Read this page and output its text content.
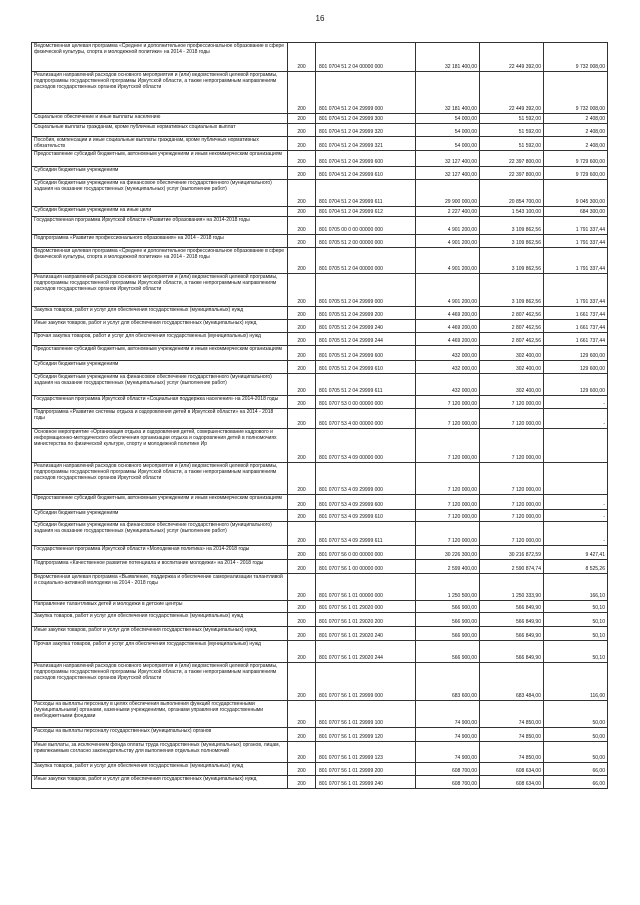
16
Ведомственная целевая программа «Среднее и дополнительное профессиональное образование в сфере физической культуры, спорта и молодежной политики» на 2014 - 2018 годы	200	801 0704 51 2 04 00000 000	32 181 400,00	22 449 392,00	9 732 008,00
Реализация направлений расходов основного мероприятия и (или) ведомственной целевой программы, подпрограммы государственной программы Иркутской области, а также непрограммным направлениям расходов государственных органов Иркутской области	200	801 0704 51 2 04 29999 000	32 181 400,00	22 449 392,00	9 732 008,00
Социальное обеспечение и иные выплаты населению	200	801 0704 51 2 04 29999 300	54 000,00	51 592,00	2 408,00
Социальные выплаты гражданам, кроме публичных нормативных социальных выплат	200	801 0704 51 2 04 29999 320	54 000,00	51 592,00	2 408,00
Пособия, компенсации и иные социальные выплаты гражданам, кроме публичных нормативных обязательств	200	801 0704 51 2 04 29999 321	54 000,00	51 592,00	2 408,00
Предоставление субсидий бюджетным, автономным учреждениям и иным некоммерческим организациям	200	801 0704 51 2 04 29999 600	32 127 400,00	22 397 800,00	9 729 600,00
Субсидии бюджетным учреждениям	200	801 0704 51 2 04 29999 610	32 127 400,00	22 397 800,00	9 729 600,00
Субсидии бюджетным учреждениям на финансовое обеспечение государственного (муниципального) задания на оказание государственных (муниципальных) услуг (выполнение работ)	200	801 0704 51 2 04 29999 611	29 900 000,00	20 854 700,00	9 045 300,00
Субсидии бюджетным учреждениям на иные цели	200	801 0704 51 2 04 29999 612	2 227 400,00	1 543 100,00	684 300,00
Государственная программа Иркутской области «Развитие образования» на 2014-2018 годы	200	801 0705 00 0 00 00000 000	4 901 200,00	3 109 862,56	1 791 337,44
Подпрограмма «Развитие профессионального образования» на 2014 - 2018 годы	200	801 0705 51 2 00 00000 000	4 901 200,00	3 109 862,56	1 791 337,44
Ведомственная целевая программа «Среднее и дополнительное профессиональное образование в сфере физической культуры, спорта и молодежной политики» на 2014 - 2018 годы	200	801 0705 51 2 04 00000 000	4 901 200,00	3 109 862,56	1 791 337,44
Реализация направлений расходов основного мероприятия и (или) ведомственной целевой программы, подпрограммы государственной программы Иркутской области, а также непрограммным направлениям расходов государственных органов Иркутской области	200	801 0705 51 2 04 29999 000	4 901 200,00	3 109 862,56	1 791 337,44
Закупка товаров, работ и услуг для обеспечения государственных (муниципальных) нужд	200	801 0705 51 2 04 29999 200	4 469 200,00	2 807 462,56	1 661 737,44
Иные закупки товаров, работ и услуг для обеспечения государственных (муниципальных) нужд	200	801 0705 51 2 04 29999 240	4 469 200,00	2 807 462,56	1 661 737,44
Прочая закупка товаров, работ и услуг для обеспечения государственных (муниципальных) нужд	200	801 0705 51 2 04 29999 244	4 469 200,00	2 807 462,56	1 661 737,44
Предоставление субсидий бюджетным, автономным учреждениям и иным некоммерческим организациям	200	801 0705 51 2 04 29999 600	432 000,00	302 400,00	129 600,00
Субсидии бюджетным учреждениям	200	801 0705 51 2 04 29999 610	432 000,00	302 400,00	129 600,00
Субсидии бюджетным учреждениям на финансовое обеспечение государственного (муниципального) задания на оказание государственных (муниципальных) услуг (выполнение работ)	200	801 0705 51 2 04 29999 611	432 000,00	302 400,00	129 600,00
Государственная программа Иркутской области «Социальная поддержка населения» на 2014-2018 годы	200	801 0707 53 0 00 00000 000	7 120 000,00	7 120 000,00	-
Подпрограмма «Развитие системы отдыха и оздоровления детей в Иркутской области» на 2014 - 2018 годы	200	801 0707 53 4 00 00000 000	7 120 000,00	7 120 000,00	-
Основное мероприятие «Организация отдыха и оздоровления детей, совершенствование кадрового и информационно-методического обеспечения организации отдыха и оздоровления детей в полномочиях министерства по физической культуре, спорту и молодежной политике Ир	200	801 0707 53 4 09 00000 000	7 120 000,00	7 120 000,00	
Реализация направлений расходов основного мероприятия и (или) ведомственной целевой программы, подпрограммы государственной программы Иркутской области, а также непрограммным направлениям расходов государственных органов Иркутской области	200	801 0707 53 4 09 29999 000	7 120 000,00	7 120 000,00	
Предоставление субсидий бюджетным, автономным учреждениям и иным некоммерческим организациям	200	801 0707 53 4 09 29999 600	7 120 000,00	7 120 000,00	-
Субсидии бюджетным учреждениям	200	801 0707 53 4 09 29999 610	7 120 000,00	7 120 000,00	-
Субсидии бюджетным учреждениям на финансовое обеспечение государственного (муниципального) задания на оказание государственных (муниципальных) услуг (выполнение работ)	200	801 0707 53 4 09 29999 611	7 120 000,00	7 120 000,00	-
Государственная программа Иркутской области «Молодежная политика» на 2014-2018 годы	200	801 0707 56 0 00 00000 000	30 226 300,00	30 216 872,59	9 427,41
Подпрограмма «Качественное развитие потенциала и воспитание молодежи» на 2014 - 2018 годы	200	801 0707 56 1 00 00000 000	2 599 400,00	2 590 874,74	8 525,26
Ведомственная целевая программа «Выявление, поддержка и обеспечение самореализации талантливой и социально-активной молодежи на 2014 - 2018 годы	200	801 0707 56 1 01 00000 000	1 250 500,00	1 250 333,90	166,10
Направление талантливых детей и молодежи в детские центры	200	801 0707 56 1 01 29020 000	566 900,00	566 849,90	50,10
Закупка товаров, работ и услуг для обеспечения государственных (муниципальных) нужд	200	801 0707 56 1 01 29020 200	566 900,00	566 849,90	50,10
Иные закупки товаров, работ и услуг для обеспечения государственных (муниципальных) нужд	200	801 0707 56 1 01 29020 240	566 900,00	566 849,90	50,10
Прочая закупка товаров, работ и услуг для обеспечения государственных (муниципальных) нужд	200	801 0707 56 1 01 29020 244	566 900,00	566 849,90	50,10
Реализация направлений расходов основного мероприятия и (или) ведомственной целевой программы, подпрограммы государственной программы Иркутской области, а также непрограммным направлениям расходов государственных органов Иркутской области	200	801 0707 56 1 01 29999 000	683 600,00	683 484,00	116,00
Расходы на выплаты персоналу в целях обеспечения выполнения функций государственными (муниципальными) органами, казенными учреждениями, органами управления государственными внебюджетными фондами	200	801 0707 56 1 01 29999 100	74 900,00	74 850,00	50,00
Расходы на выплаты персоналу государственных (муниципальных) органов	200	801 0707 56 1 01 29999 120	74 900,00	74 850,00	50,00
Иные выплаты, за исключением фонда оплаты труда государственных (муниципальных) органов, лицам, привлекаемым согласно законодательству для выполнения отдельных полномочий	200	801 0707 56 1 01 29999 123	74 900,00	74 850,00	50,00
Закупка товаров, работ и услуг для обеспечения государственных (муниципальных) нужд	200	801 0707 56 1 01 29999 200	608 700,00	608 634,00	66,00
Иные закупки товаров, работ и услуг для обеспечения государственных (муниципальных) нужд	200	801 0707 56 1 01 29999 240	608 700,00	608 634,00	66,00
